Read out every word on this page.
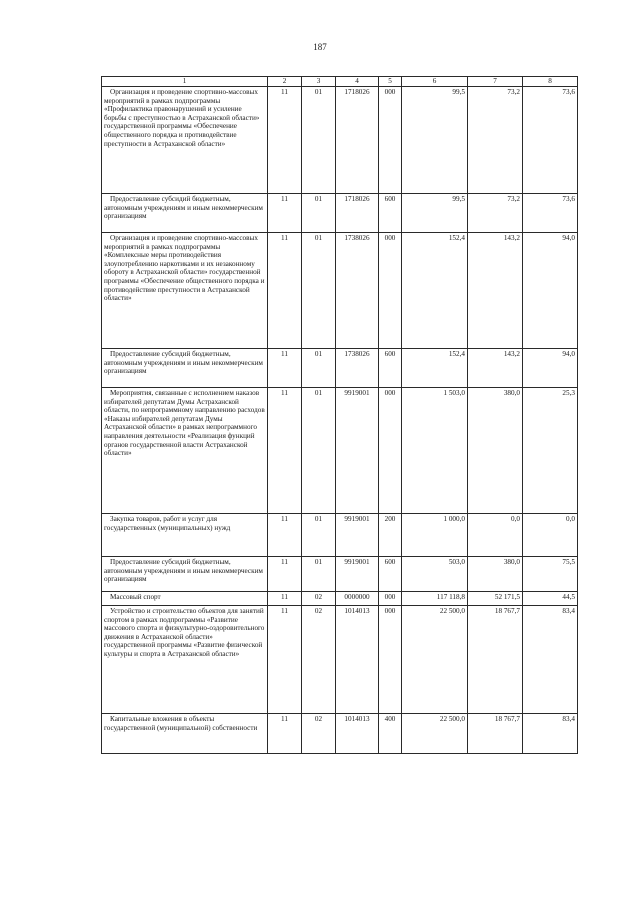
187
1	2	3	4	5	6	7	8
Организация и проведение спортивно-массовых мероприятий в рамках подпрограммы «Профилактика правонарушений и усиление борьбы с преступностью в Астраханской области» государственной программы «Обеспечение общественного порядка и противодействие преступности в Астраханской области»	11	01	1718026	000	99,5	73,2	73,6
Предоставление субсидий бюджетным, автономным учреждениям и иным некоммерческим организациям	11	01	1718026	600	99,5	73,2	73,6
Организация и проведение спортивно-массовых мероприятий в рамках подпрограммы «Комплексные меры противодействия злоупотреблению наркотиками и их незаконному обороту в Астраханской области» государственной программы «Обеспечение общественного порядка и противодействие преступности в Астраханской области»	11	01	1738026	000	152,4	143,2	94,0
Предоставление субсидий бюджетным, автономным учреждениям и иным некоммерческим организациям	11	01	1738026	600	152,4	143,2	94,0
Мероприятия, связанные с исполнением наказов избирателей депутатам Думы Астраханской области, по непрограммному направлению расходов «Наказы избирателей депутатам Думы Астраханской области» в рамках непрограммного направления деятельности «Реализация функций органов государственной власти Астраханской области»	11	01	9919001	000	1 503,0	380,0	25,3
Закупка товаров, работ и услуг для государственных (муниципальных) нужд	11	01	9919001	200	1 000,0	0,0	0,0
Предоставление субсидий бюджетным, автономным учреждениям и иным некоммерческим организациям	11	01	9919001	600	503,0	380,0	75,5
Массовый спорт	11	02	0000000	000	117 118,8	52 171,5	44,5
Устройство и строительство объектов для занятий спортом в рамках подпрограммы «Развитие массового спорта и физкультурно-оздоровительного движения в Астраханской области» государственной программы «Развитие физической культуры и спорта в Астраханской области»	11	02	1014013	000	22 500,0	18 767,7	83,4
Капитальные вложения в объекты государственной (муниципальной) собственности	11	02	1014013	400	22 500,0	18 767,7	83,4
